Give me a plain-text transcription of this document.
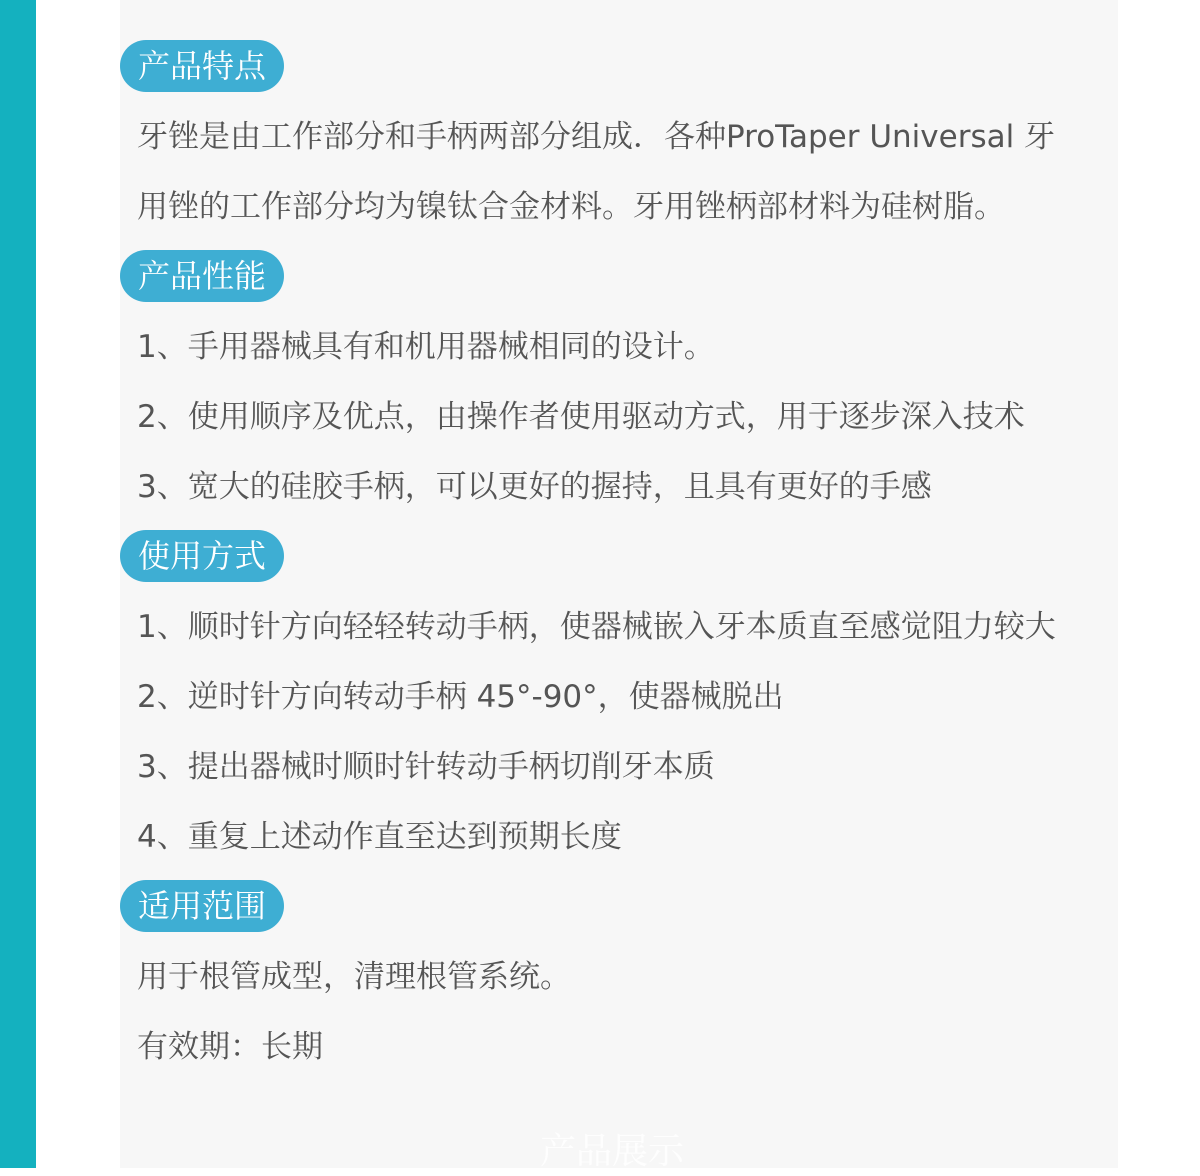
产品特点
牙锉是由工作部分和手柄两部分组成．各种ProTaper Universal 牙
用锉的工作部分均为镍钛合金材料。牙用锉柄部材料为硅树脂。
产品性能
1、手用器械具有和机用器械相同的设计。
2、使用顺序及优点，由操作者使用驱动方式，用于逐步深入技术
3、宽大的硅胶手柄，可以更好的握持，且具有更好的手感
使用方式
1、顺时针方向轻轻转动手柄，使器械嵌入牙本质直至感觉阻力较大
2、逆时针方向转动手柄 45°-90°，使器械脱出
3、提出器械时顺时针转动手柄切削牙本质
4、重复上述动作直至达到预期长度
适用范围
用于根管成型，清理根管系统。
有效期：长期
产品展示
